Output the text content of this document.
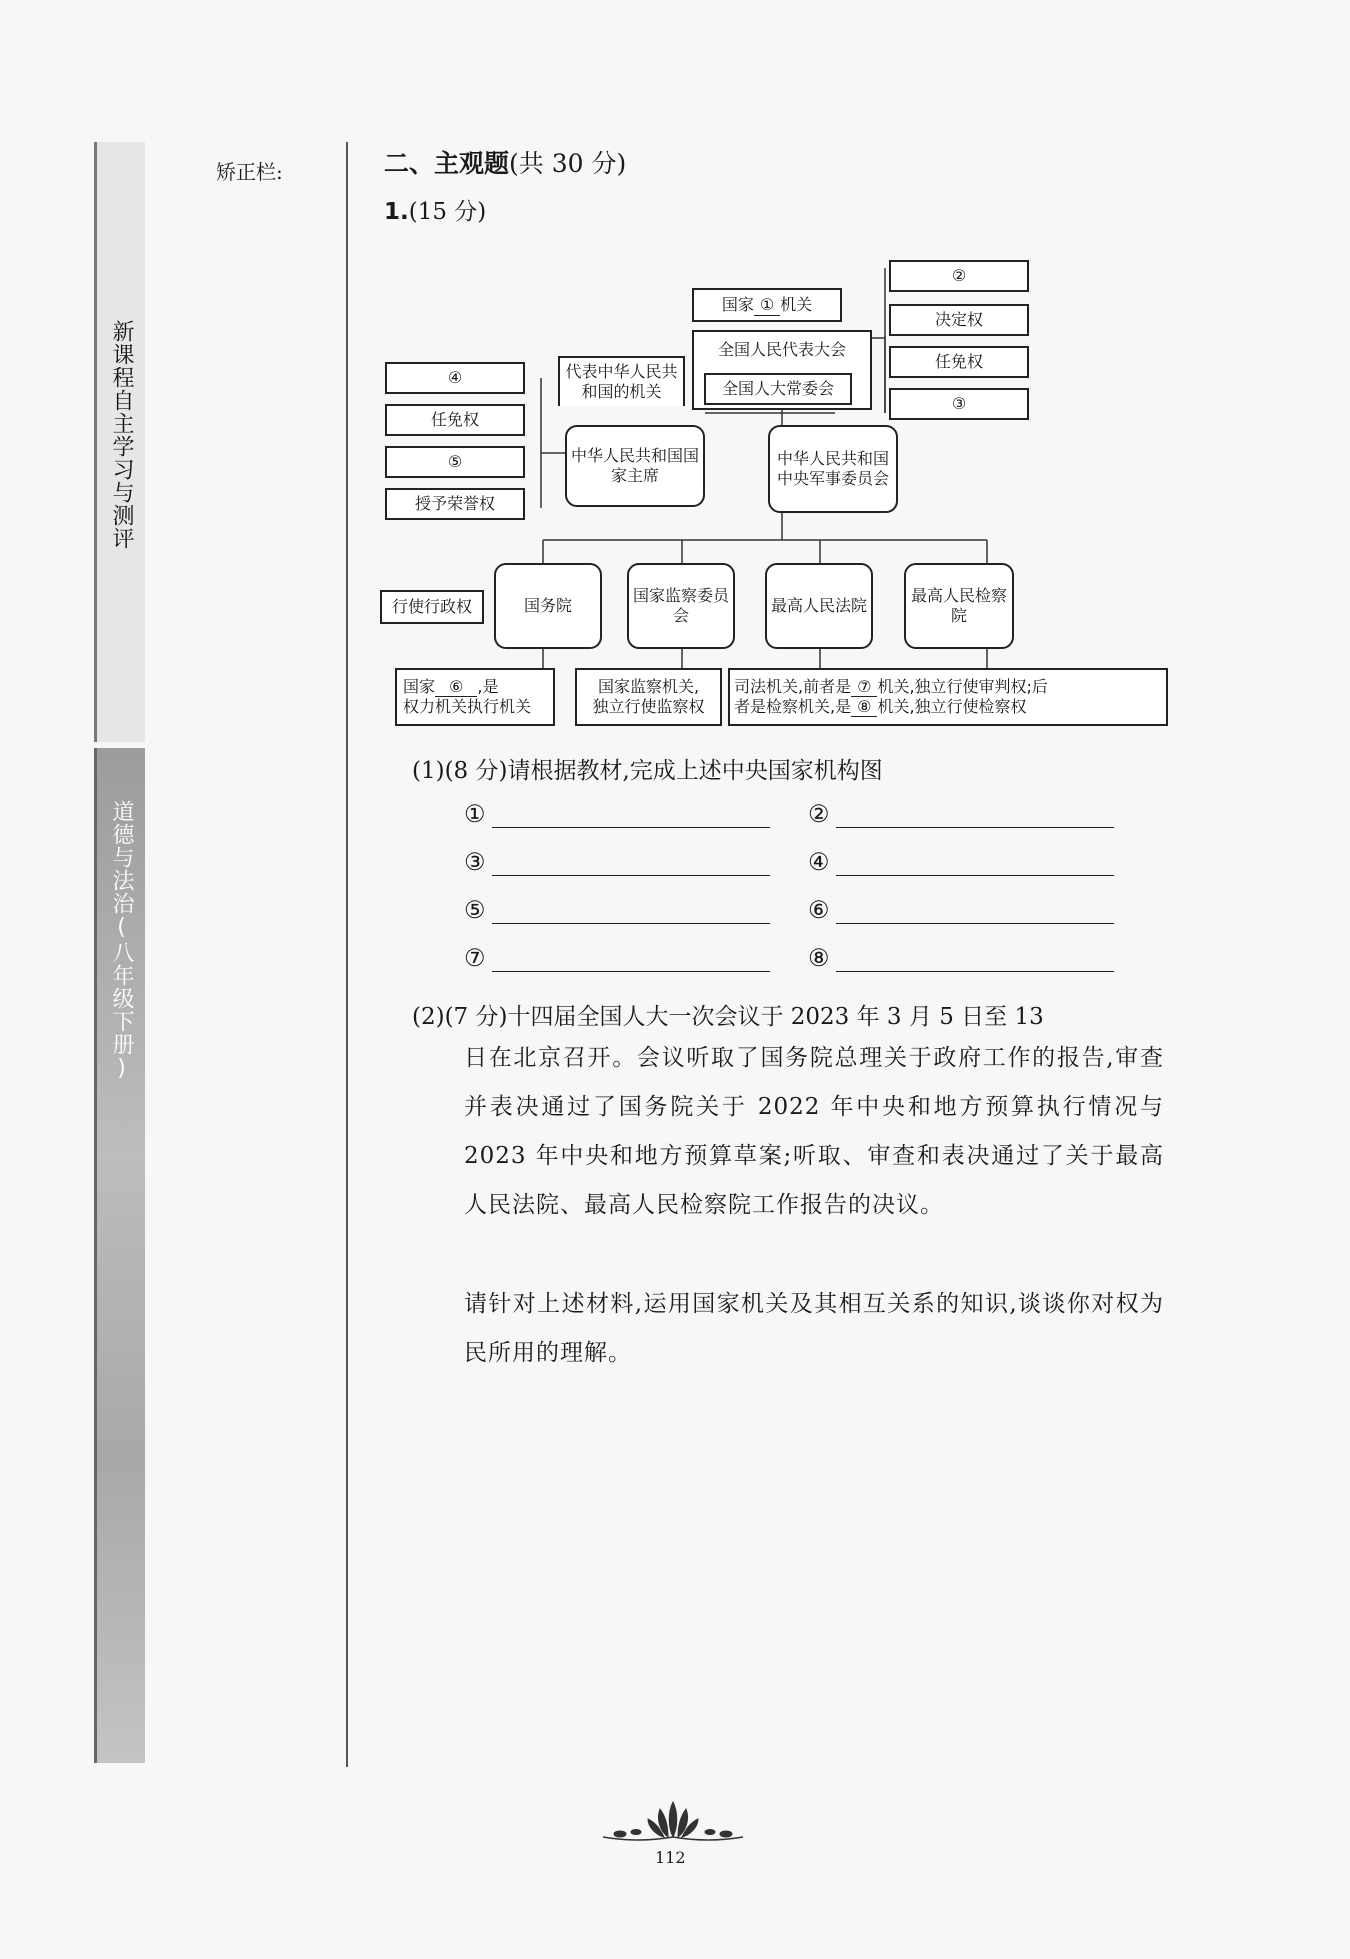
新课程自主学习与测评
道德与法治(八年级下册)
矫正栏:	二、主观题(共 30 分)
1.(15 分)
国家 ① 机关
全国人民代表大会
全国人大常委会
②
决定权
任免权
③
代表中华人民共和国的机关
中华人民共和国国家主席
④
任免权
⑤
授予荣誉权
中华人民共和国中央军事委员会
行使行政权	国务院
国家监察委员会
最高人民法院
最高人民检察院
国家 ⑥ ,是
权力机关执行机关
国家监察机关,
独立行使监察权
司法机关,前者是 ⑦ 机关,独立行使审判权;后
者是检察机关,是 ⑧ 机关,独立行使检察权
(1)(8 分)请根据教材,完成上述中央国家机构图
①	②
③	④
⑤	⑥
⑦	⑧
(2)(7 分)十四届全国人大一次会议于 2023 年 3 月 5 日至 13
日在北京召开。会议听取了国务院总理关于政府工作的报告,审查并表决通过了国务院关于 2022 年中央和地方预算执行情况与 2023 年中央和地方预算草案;听取、审查和表决通过了关于最高人民法院、最高人民检察院工作报告的决议。
请针对上述材料,运用国家机关及其相互关系的知识,谈谈你对权为民所用的理解。
112
